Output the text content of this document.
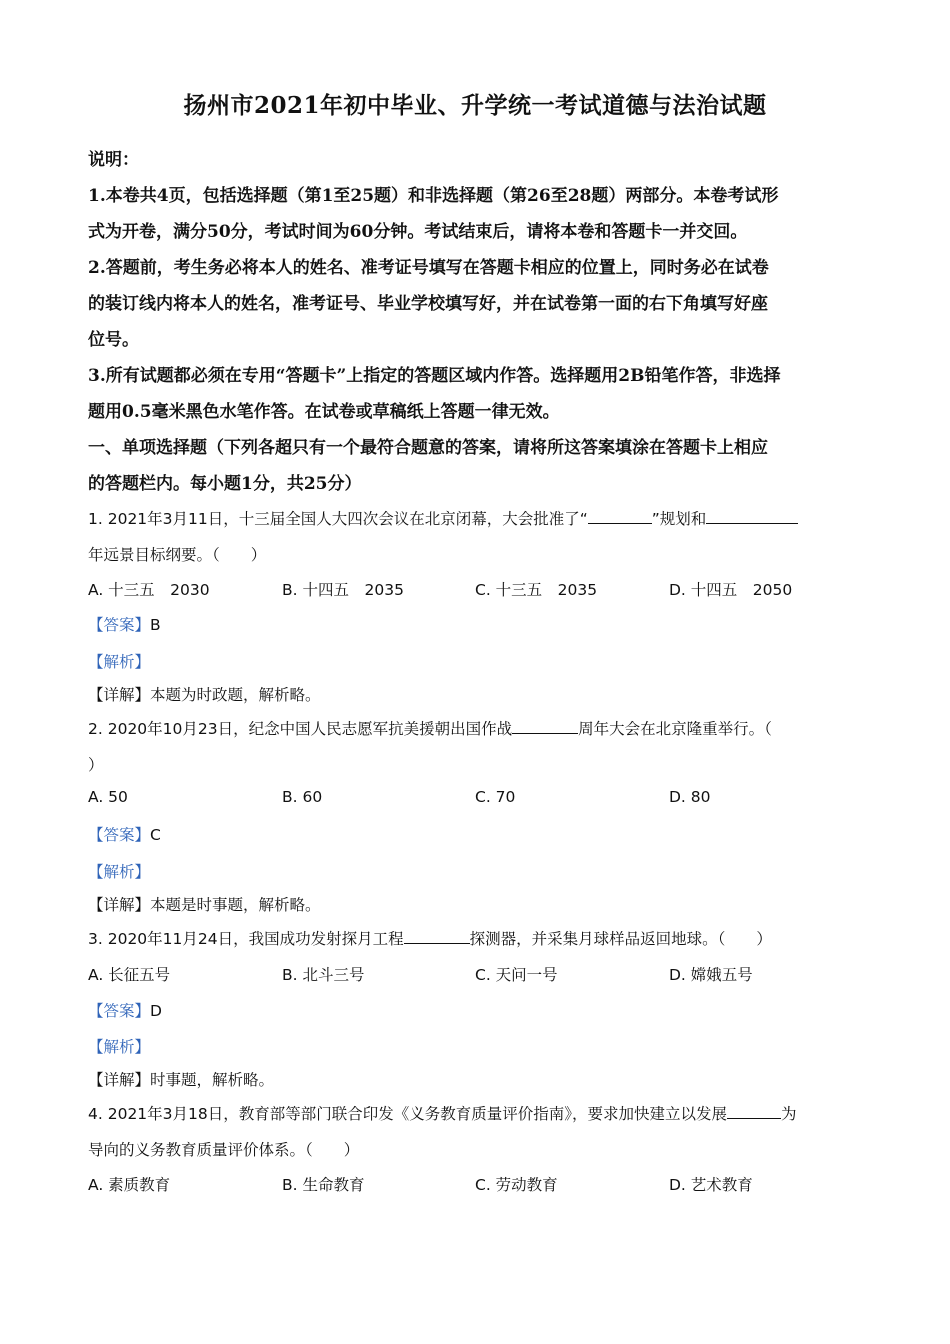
扬州市2021年初中毕业、升学统一考试道德与法治试题
说明：
1.本卷共4页，包括选择题（第1至25题）和非选择题（第26至28题）两部分。本卷考试形
式为开卷，满分50分，考试时间为60分钟。考试结束后，请将本卷和答题卡一并交回。
2.答题前，考生务必将本人的姓名、准考证号填写在答题卡相应的位置上，同时务必在试卷
的装订线内将本人的姓名，准考证号、毕业学校填写好，并在试卷第一面的右下角填写好座
位号。
3.所有试题都必须在专用“答题卡”上指定的答题区域内作答。选择题用2B铅笔作答，非选择
题用0.5毫米黑色水笔作答。在试卷或草稿纸上答题一律无效。
一、单项选择题（下列各超只有一个最符合题意的答案，请将所这答案填涂在答题卡上相应
的答题栏内。每小题1分，共25分）
1. 2021年3月11日，十三届全国人大四次会议在北京闭幕，大会批准了“	”规划和
年远景目标纲要。（　　）
A. 十三五　2030	B. 十四五　2035	C. 十三五　2035	D. 十四五　2050
【答案】B
【解析】
【详解】本题为时政题，解析略。
2. 2020年10月23日，纪念中国人民志愿军抗美援朝出国作战	周年大会在北京隆重举行。（
）
A. 50	B. 60	C. 70	D. 80
【答案】C
【解析】
【详解】本题是时事题，解析略。
3. 2020年11月24日，我国成功发射探月工程	探测器，并采集月球样品返回地球。（　　）
A. 长征五号	B. 北斗三号	C. 天问一号	D. 嫦娥五号
【答案】D
【解析】
【详解】时事题，解析略。
4. 2021年3月18日，教育部等部门联合印发《义务教育质量评价指南》，要求加快建立以发展	为
导向的义务教育质量评价体系。（　　）
A. 素质教育	B. 生命教育	C. 劳动教育	D. 艺术教育
